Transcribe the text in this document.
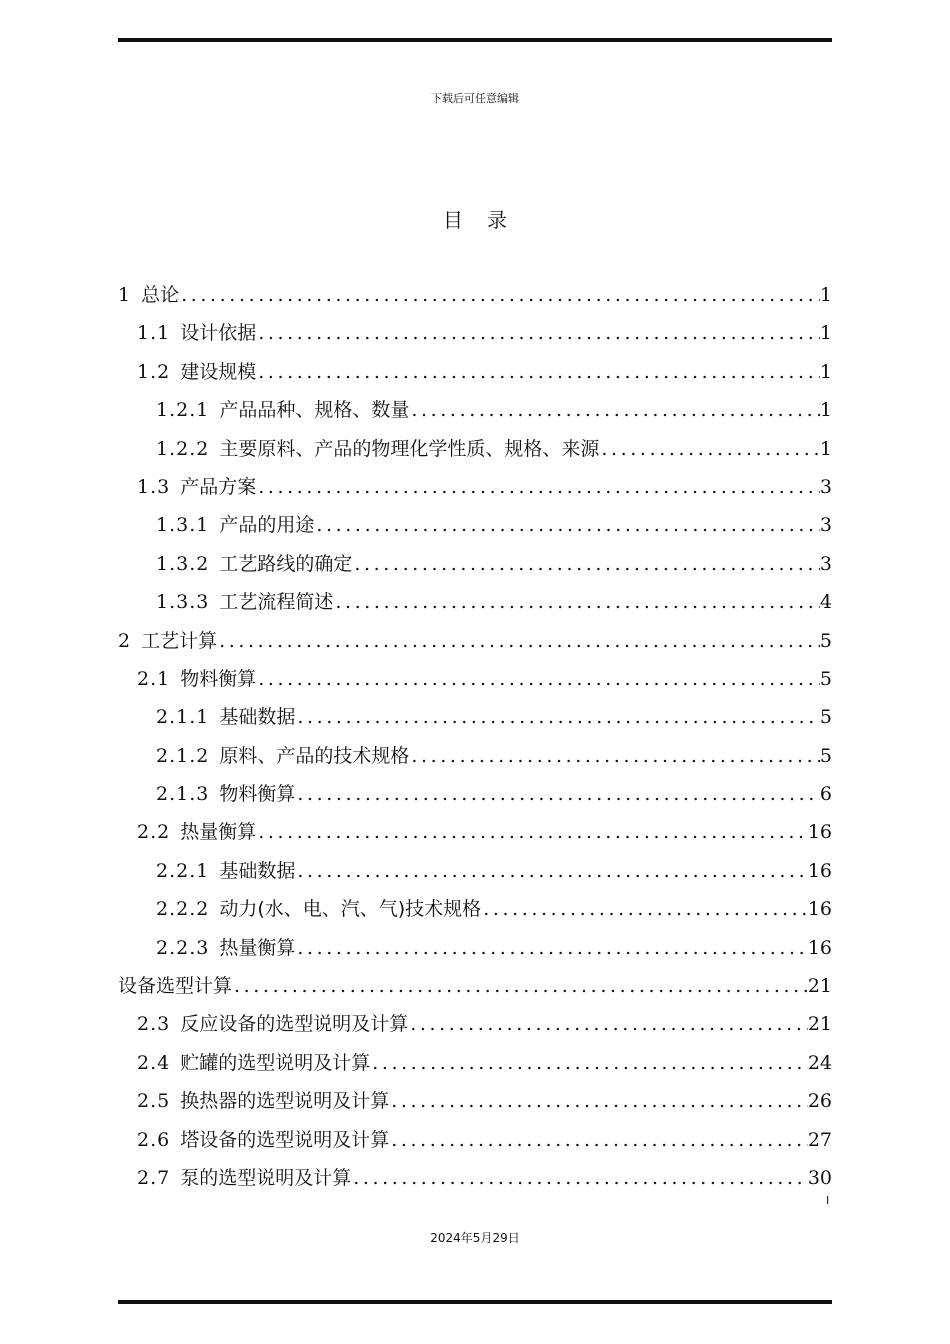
下载后可任意编辑
目录
1 总论 .....	1
1.1 设计依据 .....	1
1.2 建设规模 .....	1
1.2.1 产品品种、规格、数量 .....	1
1.2.2 主要原料、产品的物理化学性质、规格、来源 .....	1
1.3 产品方案 .....	3
1.3.1 产品的用途 .....	3
1.3.2 工艺路线的确定 .....	3
1.3.3 工艺流程简述 .....	4
2 工艺计算 .....	5
2.1 物料衡算 .....	5
2.1.1 基础数据 .....	5
2.1.2 原料、产品的技术规格 .....	5
2.1.3 物料衡算 .....	6
2.2 热量衡算 .....	16
2.2.1 基础数据 .....	16
2.2.2 动力(水、电、汽、气)技术规格 .....	16
2.2.3 热量衡算 .....	16
设备选型计算 .....	21
2.3 反应设备的选型说明及计算 .....	21
2.4 贮罐的选型说明及计算 .....	24
2.5 换热器的选型说明及计算 .....	26
2.6 塔设备的选型说明及计算 .....	27
2.7 泵的选型说明及计算 .....	30
I
2024年5月29日
